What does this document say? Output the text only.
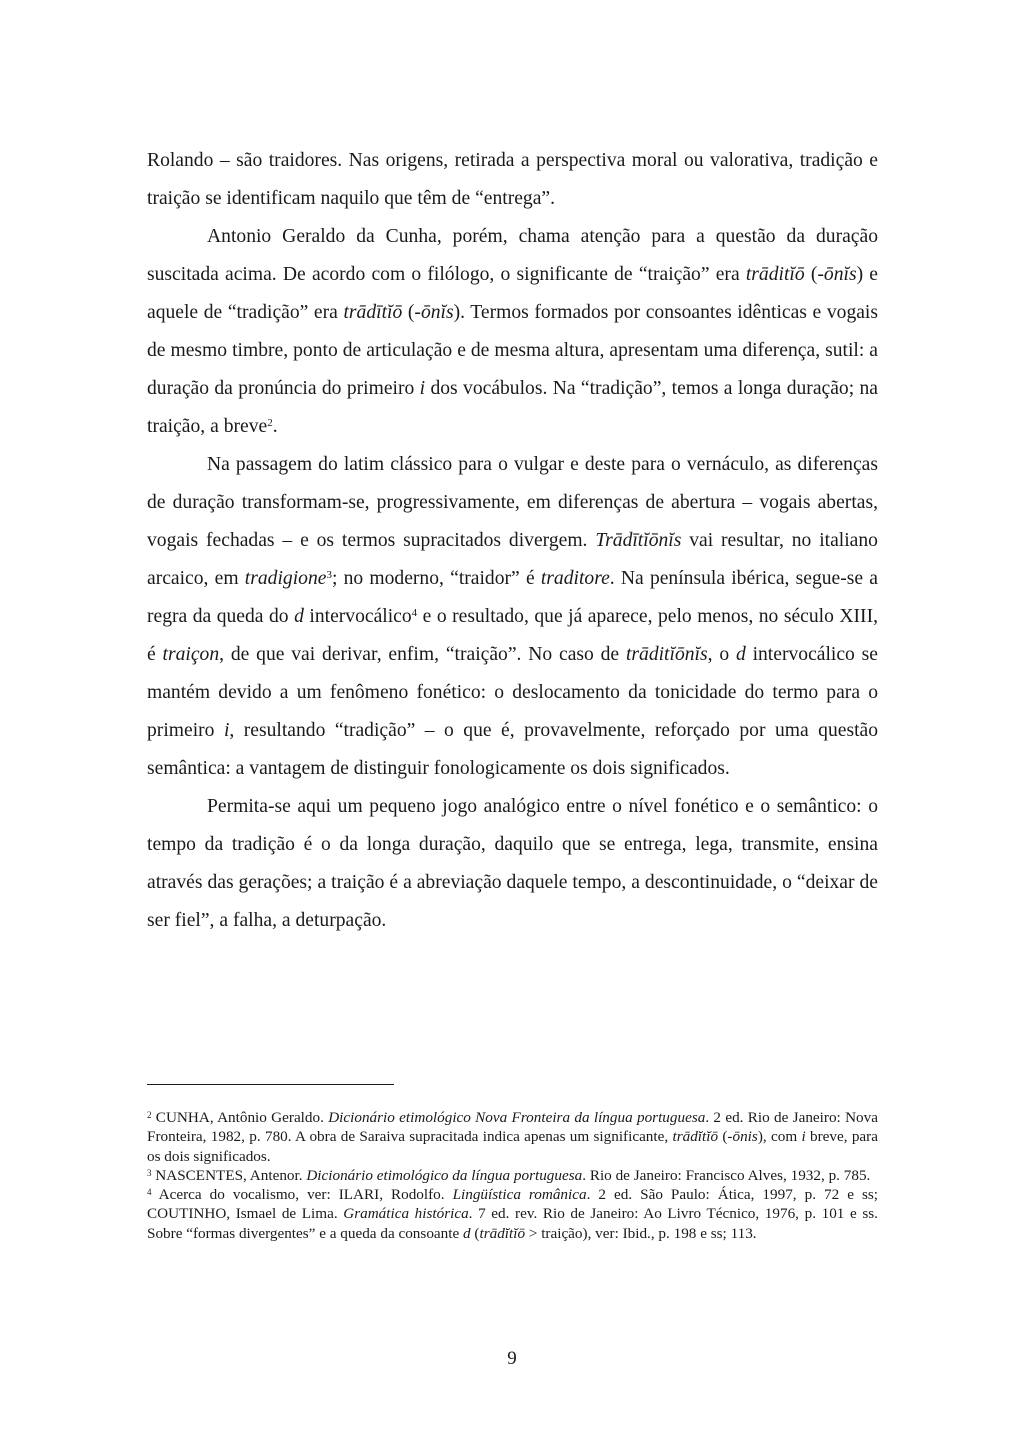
Rolando – são traidores. Nas origens, retirada a perspectiva moral ou valorativa, tradição e traição se identificam naquilo que têm de “entrega”.

Antonio Geraldo da Cunha, porém, chama atenção para a questão da duração suscitada acima. De acordo com o filólogo, o significante de “traição” era trāditĭō (-ōnĭs) e aquele de “tradição” era trādītĭō (-ōnĭs). Termos formados por consoantes idênticas e vogais de mesmo timbre, ponto de articulação e de mesma altura, apresentam uma diferença, sutil: a duração da pronúncia do primeiro i dos vocábulos. Na “tradição”, temos a longa duração; na traição, a breve$^2$.

Na passagem do latim clássico para o vulgar e deste para o vernáculo, as diferenças de duração transformam-se, progressivamente, em diferenças de abertura – vogais abertas, vogais fechadas – e os termos supracitados divergem. Trādītĭōnĭs vai resultar, no italiano arcaico, em tradigione$^3$; no moderno, “traidor” é traditore. Na península ibérica, segue-se a regra da queda do d intervocálico$^4$ e o resultado, que já aparece, pelo menos, no século XIII, é traiçon, de que vai derivar, enfim, “traição”. No caso de trāditĭōnĭs, o d intervocálico se mantém devido a um fenômeno fonético: o deslocamento da tonicidade do termo para o primeiro i, resultando “tradição” – o que é, provavelmente, reforçado por uma questão semântica: a vantagem de distinguir fonologicamente os dois significados.

Permita-se aqui um pequeno jogo analógico entre o nível fonético e o semântico: o tempo da tradição é o da longa duração, daquilo que se entrega, lega, transmite, ensina através das gerações; a traição é a abreviação daquele tempo, a descontinuidade, o “deixar de ser fiel”, a falha, a deturpação.

$^2$ CUNHA, Antônio Geraldo. Dicionário etimológico Nova Fronteira da língua portuguesa. 2 ed. Rio de Janeiro: Nova Fronteira, 1982, p. 780. A obra de Saraiva supracitada indica apenas um significante, trādĭtĭō (-ōnis), com i breve, para os dois significados.

$^3$ NASCENTES, Antenor. Dicionário etimológico da língua portuguesa. Rio de Janeiro: Francisco Alves, 1932, p. 785.

$^4$ Acerca do vocalismo, ver: ILARI, Rodolfo. Lingüística românica. 2 ed. São Paulo: Ática, 1997, p. 72 e ss; COUTINHO, Ismael de Lima. Gramática histórica. 7 ed. rev. Rio de Janeiro: Ao Livro Técnico, 1976, p. 101 e ss. Sobre “formas divergentes” e a queda da consoante d (trādĭtĭō > traição), ver: Ibid., p. 198 e ss; 113.

9
